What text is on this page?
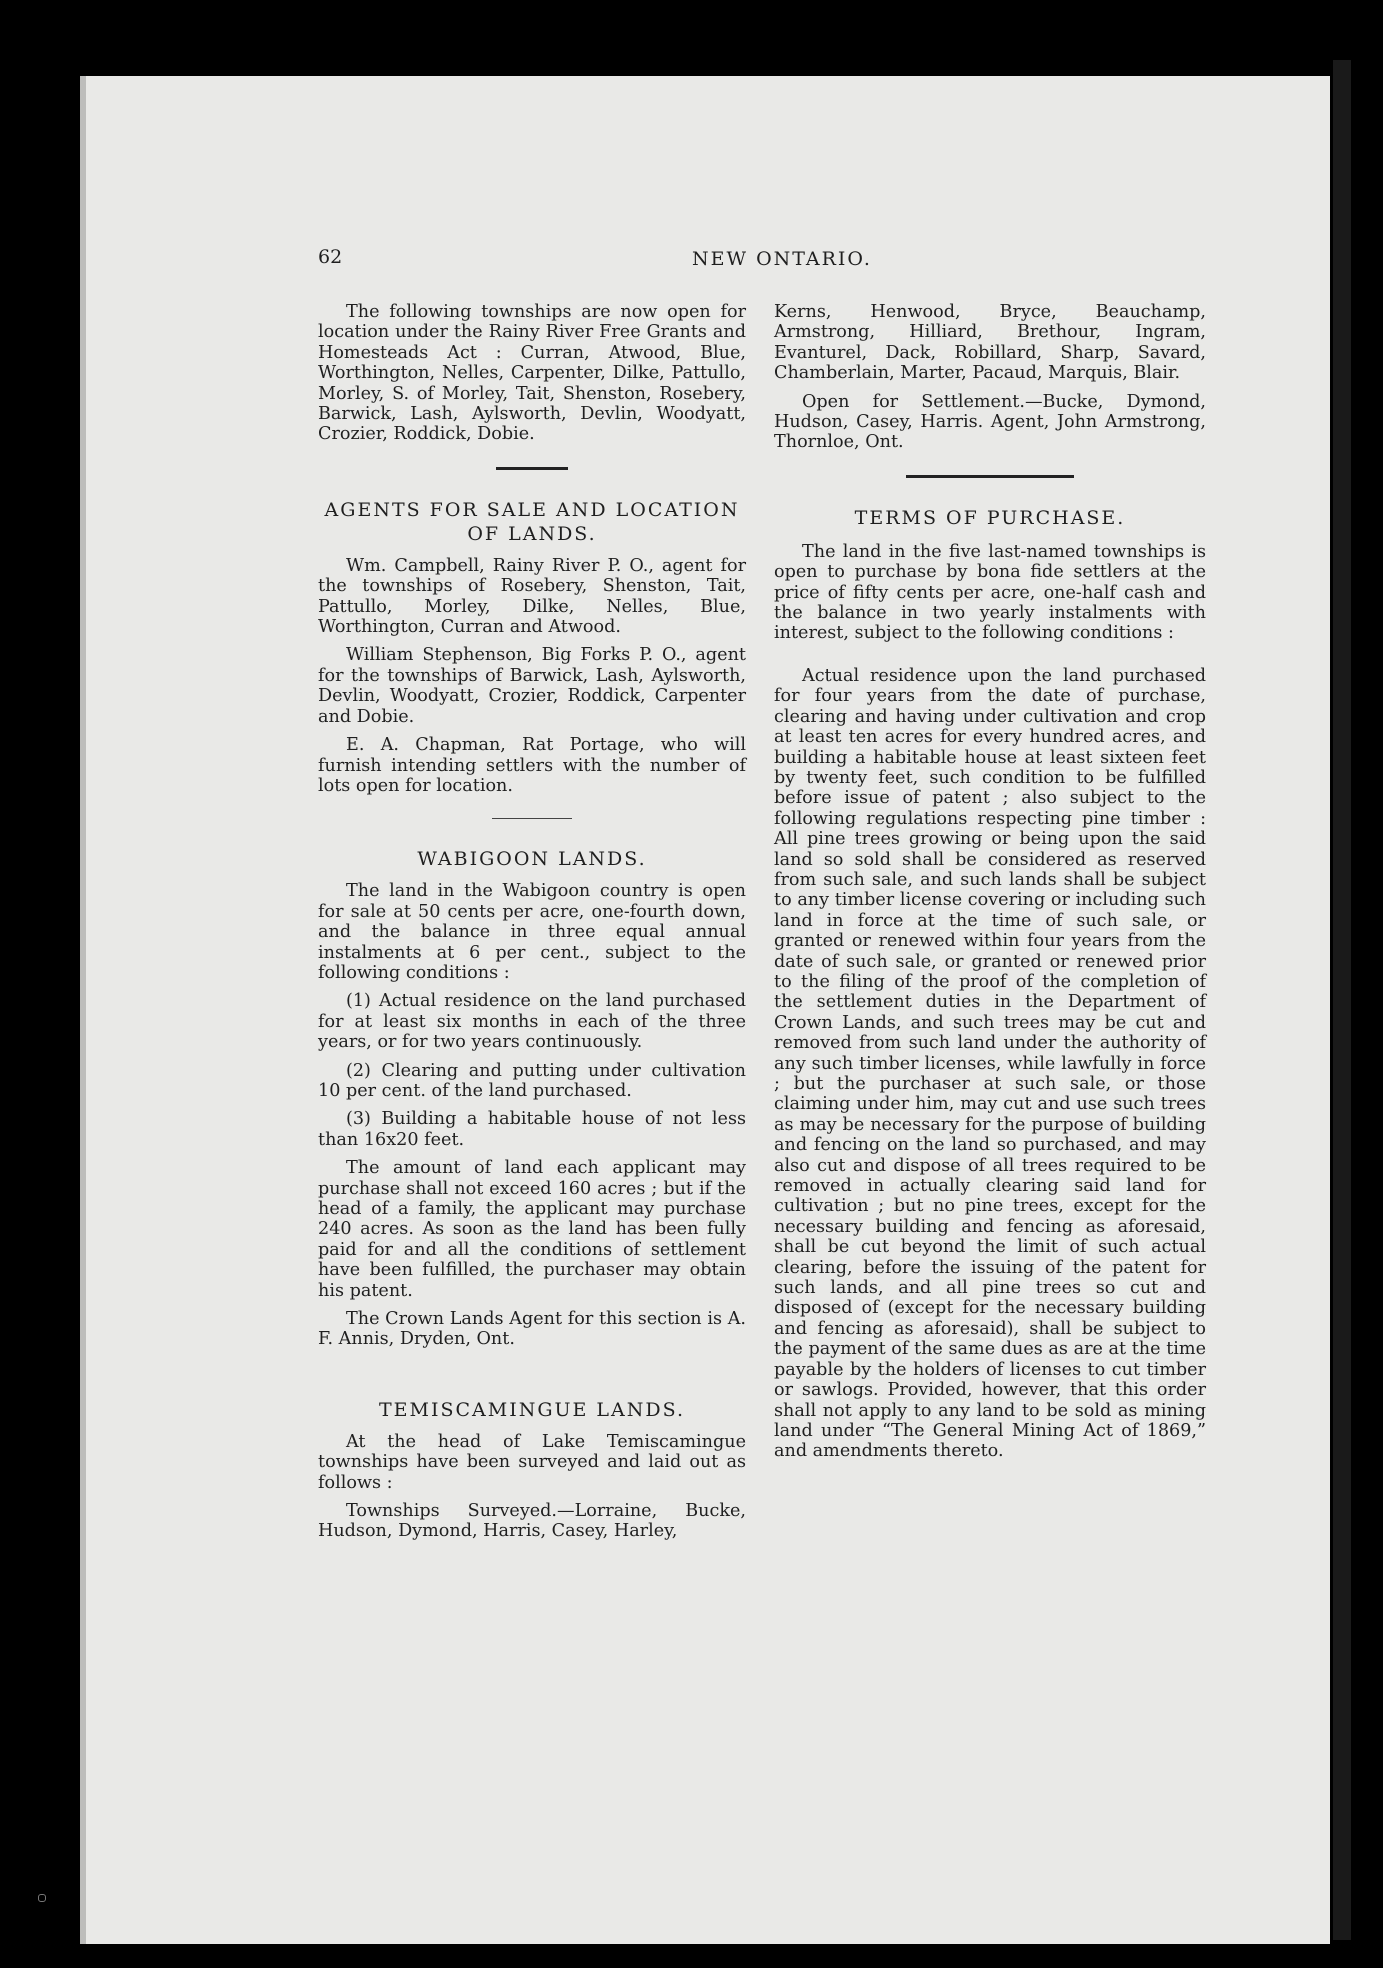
62	NEW ONTARIO.

The following townships are now open for location under the Rainy River Free Grants and Homesteads Act : Curran, Atwood, Blue, Worthington, Nelles, Carpenter, Dilke, Pattullo, Morley, S. of Morley, Tait, Shenston, Rosebery, Barwick, Lash, Aylsworth, Devlin, Woodyatt, Crozier, Roddick, Dobie.

AGENTS FOR SALE AND LOCATION
OF LANDS.

Wm. Campbell, Rainy River P. O., agent for the townships of Rosebery, Shenston, Tait, Pattullo, Morley, Dilke, Nelles, Blue, Worthington, Curran and Atwood.

William Stephenson, Big Forks P. O., agent for the townships of Barwick, Lash, Aylsworth, Devlin, Woodyatt, Crozier, Roddick, Carpenter and Dobie.

E. A. Chapman, Rat Portage, who will furnish intending settlers with the number of lots open for location.

WABIGOON LANDS.

The land in the Wabigoon country is open for sale at 50 cents per acre, one-fourth down, and the balance in three equal annual instalments at 6 per cent., subject to the following conditions :

(1) Actual residence on the land purchased for at least six months in each of the three years, or for two years continuously.

(2) Clearing and putting under cultivation 10 per cent. of the land purchased.

(3) Building a habitable house of not less than 16x20 feet.

The amount of land each applicant may purchase shall not exceed 160 acres ; but if the head of a family, the applicant may purchase 240 acres. As soon as the land has been fully paid for and all the conditions of settlement have been fulfilled, the purchaser may obtain his patent.

The Crown Lands Agent for this section is A. F. Annis, Dryden, Ont.

TEMISCAMINGUE LANDS.

At the head of Lake Temiscamingue townships have been surveyed and laid out as follows :

Townships Surveyed.—Lorraine, Bucke, Hudson, Dymond, Harris, Casey, Harley,

Kerns, Henwood, Bryce, Beauchamp, Armstrong, Hilliard, Brethour, Ingram, Evanturel, Dack, Robillard, Sharp, Savard, Chamberlain, Marter, Pacaud, Marquis, Blair.

Open for Settlement.—Bucke, Dymond, Hudson, Casey, Harris. Agent, John Armstrong, Thornloe, Ont.

TERMS OF PURCHASE.

The land in the five last-named townships is open to purchase by bona fide settlers at the price of fifty cents per acre, one-half cash and the balance in two yearly instalments with interest, subject to the following conditions :

Actual residence upon the land purchased for four years from the date of purchase, clearing and having under cultivation and crop at least ten acres for every hundred acres, and building a habitable house at least sixteen feet by twenty feet, such condition to be fulfilled before issue of patent ; also subject to the following regulations respecting pine timber : All pine trees growing or being upon the said land so sold shall be considered as reserved from such sale, and such lands shall be subject to any timber license covering or including such land in force at the time of such sale, or granted or renewed within four years from the date of such sale, or granted or renewed prior to the filing of the proof of the completion of the settlement duties in the Department of Crown Lands, and such trees may be cut and removed from such land under the authority of any such timber licenses, while lawfully in force ; but the purchaser at such sale, or those claiming under him, may cut and use such trees as may be necessary for the purpose of building and fencing on the land so purchased, and may also cut and dispose of all trees required to be removed in actually clearing said land for cultivation ; but no pine trees, except for the necessary building and fencing as aforesaid, shall be cut beyond the limit of such actual clearing, before the issuing of the patent for such lands, and all pine trees so cut and disposed of (except for the necessary building and fencing as aforesaid), shall be subject to the payment of the same dues as are at the time payable by the holders of licenses to cut timber or sawlogs. Provided, however, that this order shall not apply to any land to be sold as mining land under “The General Mining Act of 1869,” and amendments thereto.
